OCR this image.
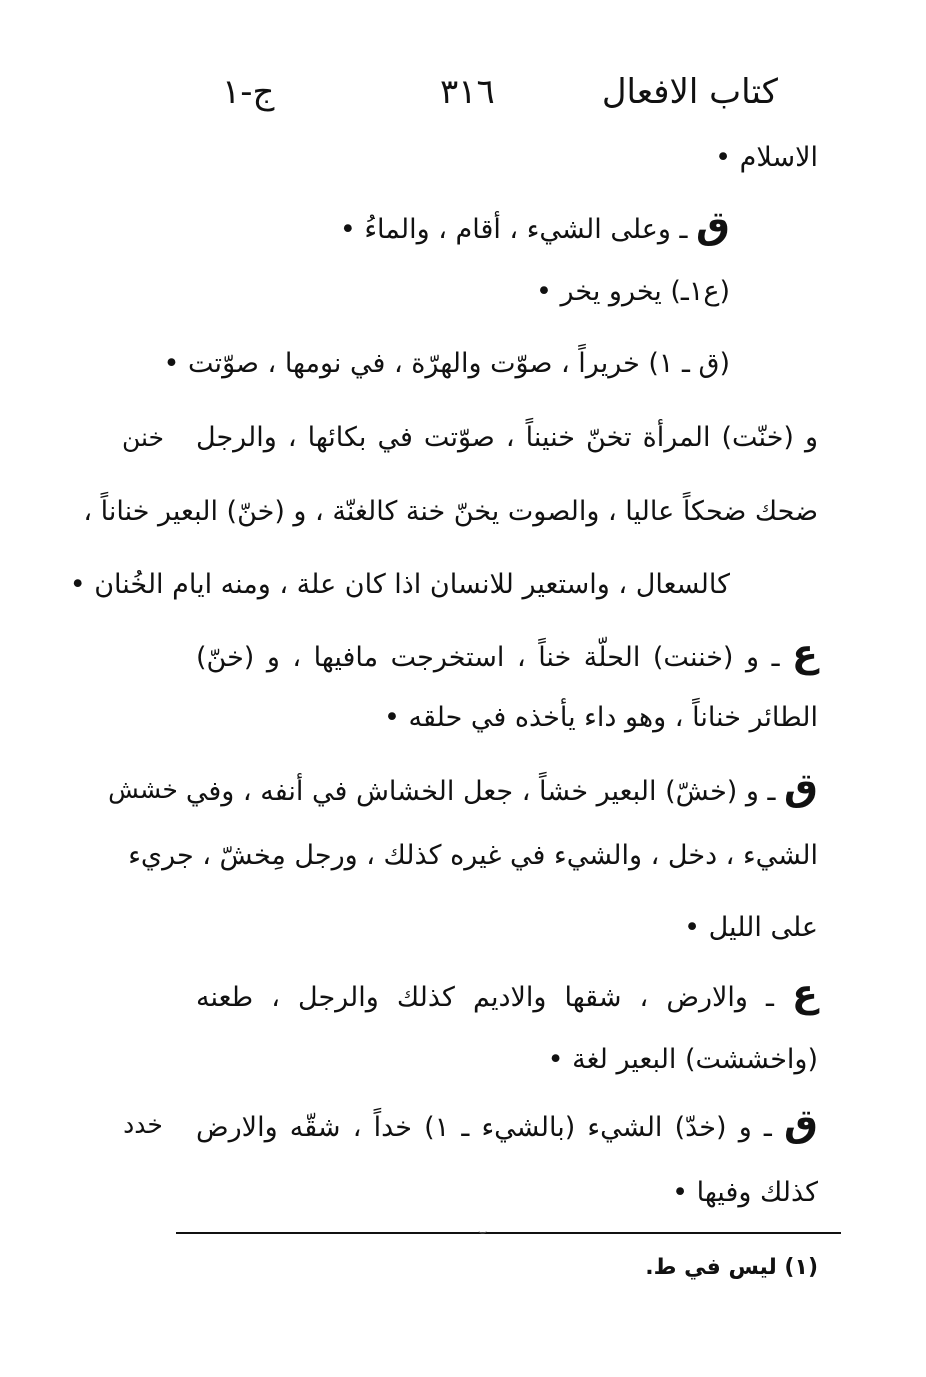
كتاب الافعال
٣١٦
ج-١
الاسلام •
ق ـ وعلى الشيء ، أقام ، والماءُ •
(ع١ـ) يخرو يخر •
(ق ـ ١) خريراً ، صوّت والهرّة ، في نومها ، صوّتت •
و (خنّت) المرأة تخنّ خنيناً ، صوّتت في بكائها ، والرجل
خنن
ضحك ضحكاً عاليا ، والصوت يخنّ خنة كالغنّة ، و (خنّ) البعير خناناً ،
كالسعال ، واستعير للانسان اذا كان علة ، ومنه ايام الخُنان •
ع ـ و (خننت) الحلّة خناً ، استخرجت مافيها ، و (خنّ)
الطائر خناناً ، وهو داء يأخذه في حلقه •
ق ـ و (خشّ) البعير خشاً ، جعل الخشاش في أنفه ، وفي
خشش
الشيء ، دخل ، والشيء في غيره كذلك ، ورجل مِخشّ ، جريء
على الليل •
ع ـ والارض ، شقها والاديم كذلك والرجل ، طعنه
(واخششت) البعير لغة •
ق ـ و (خدّ) الشيء (بالشيء ـ ١) خداً ، شقّه والارض
خدد
كذلك وفيها •
⌣
(١) ليس في ط.
